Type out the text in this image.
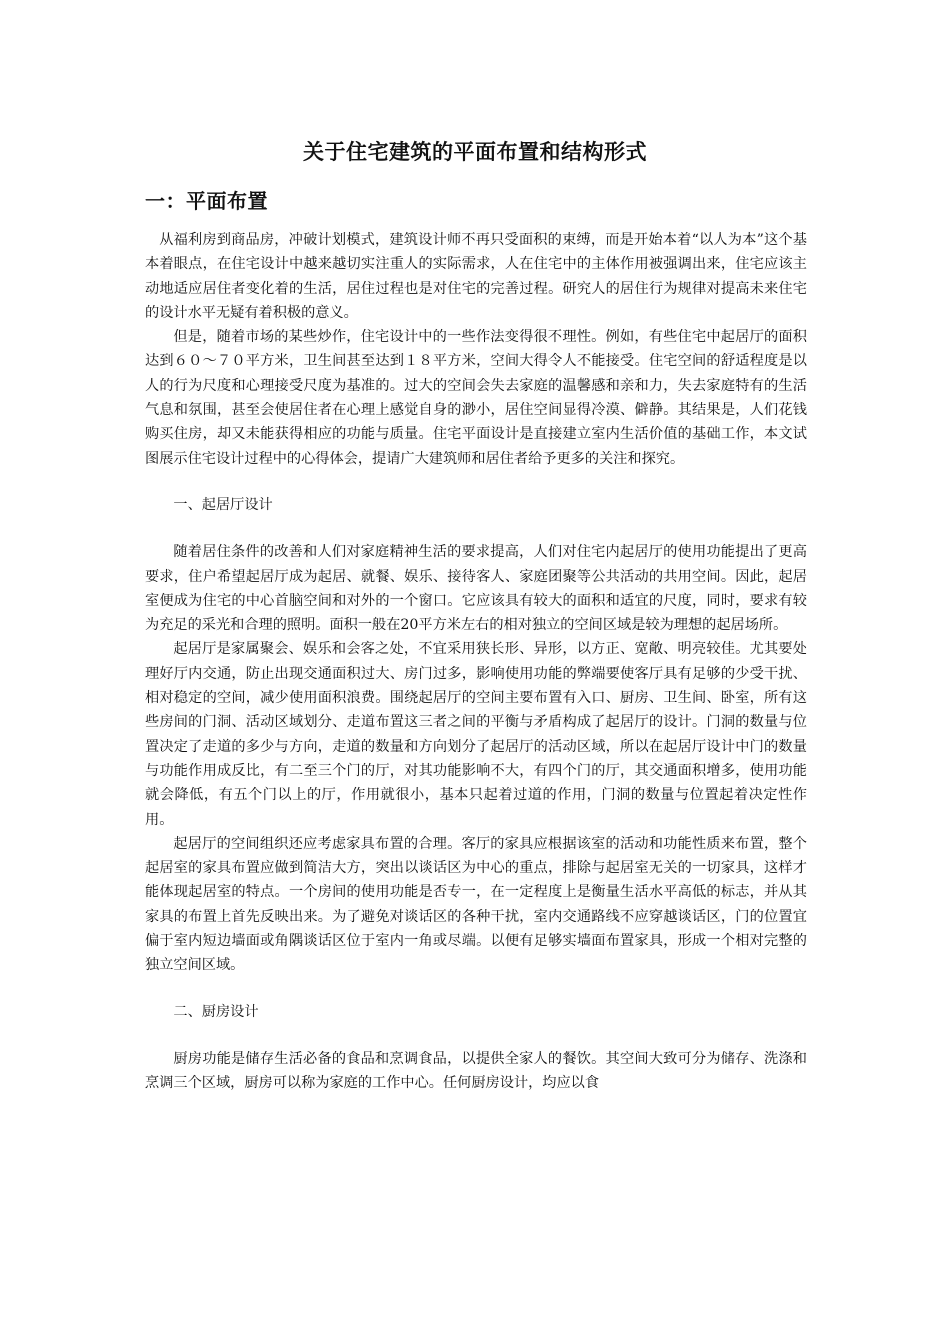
关于住宅建筑的平面布置和结构形式
一：平面布置

从福利房到商品房，冲破计划模式，建筑设计师不再只受面积的束缚，而是开始本着“以人为本”这个基本着眼点，在住宅设计中越来越切实注重人的实际需求，人在住宅中的主体作用被强调出来，住宅应该主动地适应居住者变化着的生活，居住过程也是对住宅的完善过程。研究人的居住行为规律对提高未来住宅的设计水平无疑有着积极的意义。

但是，随着市场的某些炒作，住宅设计中的一些作法变得很不理性。例如，有些住宅中起居厅的面积达到６０～７０平方米，卫生间甚至达到１８平方米，空间大得令人不能接受。住宅空间的舒适程度是以人的行为尺度和心理接受尺度为基准的。过大的空间会失去家庭的温馨感和亲和力，失去家庭特有的生活气息和氛围，甚至会使居住者在心理上感觉自身的渺小，居住空间显得冷漠、僻静。其结果是，人们花钱购买住房，却又未能获得相应的功能与质量。住宅平面设计是直接建立室内生活价值的基础工作，本文试图展示住宅设计过程中的心得体会，提请广大建筑师和居住者给予更多的关注和探究。

一、起居厅设计

随着居住条件的改善和人们对家庭精神生活的要求提高，人们对住宅内起居厅的使用功能提出了更高要求，住户希望起居厅成为起居、就餐、娱乐、接待客人、家庭团聚等公共活动的共用空间。因此，起居室便成为住宅的中心首脑空间和对外的一个窗口。它应该具有较大的面积和适宜的尺度，同时，要求有较为充足的采光和合理的照明。面积一般在20平方米左右的相对独立的空间区域是较为理想的起居场所。

起居厅是家属聚会、娱乐和会客之处，不宜采用狭长形、异形，以方正、宽敞、明亮较佳。尤其要处理好厅内交通，防止出现交通面积过大、房门过多，影响使用功能的弊端要使客厅具有足够的少受干扰、相对稳定的空间，减少使用面积浪费。围绕起居厅的空间主要布置有入口、厨房、卫生间、卧室，所有这些房间的门洞、活动区域划分、走道布置这三者之间的平衡与矛盾构成了起居厅的设计。门洞的数量与位置决定了走道的多少与方向，走道的数量和方向划分了起居厅的活动区域，所以在起居厅设计中门的数量与功能作用成反比，有二至三个门的厅，对其功能影响不大，有四个门的厅，其交通面积增多，使用功能就会降低，有五个门以上的厅，作用就很小，基本只起着过道的作用，门洞的数量与位置起着决定性作用。

起居厅的空间组织还应考虑家具布置的合理。客厅的家具应根据该室的活动和功能性质来布置，整个起居室的家具布置应做到简洁大方，突出以谈话区为中心的重点，排除与起居室无关的一切家具，这样才能体现起居室的特点。一个房间的使用功能是否专一，在一定程度上是衡量生活水平高低的标志，并从其家具的布置上首先反映出来。为了避免对谈话区的各种干扰，室内交通路线不应穿越谈话区，门的位置宜偏于室内短边墙面或角隅谈话区位于室内一角或尽端。以便有足够实墙面布置家具，形成一个相对完整的独立空间区域。

二、厨房设计

厨房功能是储存生活必备的食品和烹调食品，以提供全家人的餐饮。其空间大致可分为储存、洗涤和烹调三个区域，厨房可以称为家庭的工作中心。任何厨房设计，均应以食
